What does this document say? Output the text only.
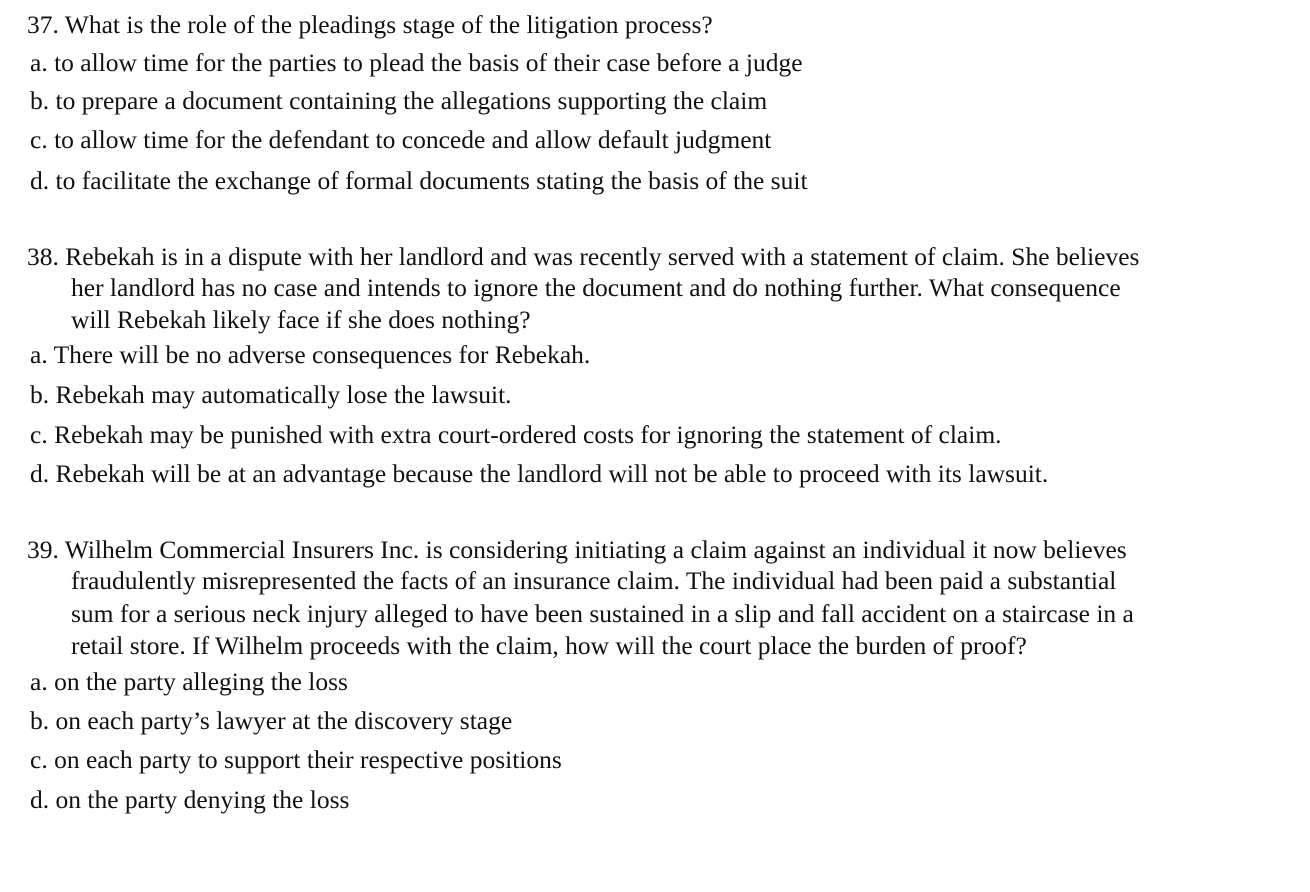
37. What is the role of the pleadings stage of the litigation process?
a. to allow time for the parties to plead the basis of their case before a judge
b. to prepare a document containing the allegations supporting the claim
c. to allow time for the defendant to concede and allow default judgment
d. to facilitate the exchange of formal documents stating the basis of the suit
38. Rebekah is in a dispute with her landlord and was recently served with a statement of claim. She believes
her landlord has no case and intends to ignore the document and do nothing further. What consequence
will Rebekah likely face if she does nothing?
a. There will be no adverse consequences for Rebekah.
b. Rebekah may automatically lose the lawsuit.
c. Rebekah may be punished with extra court-ordered costs for ignoring the statement of claim.
d. Rebekah will be at an advantage because the landlord will not be able to proceed with its lawsuit.
39. Wilhelm Commercial Insurers Inc. is considering initiating a claim against an individual it now believes
fraudulently misrepresented the facts of an insurance claim. The individual had been paid a substantial
sum for a serious neck injury alleged to have been sustained in a slip and fall accident on a staircase in a
retail store. If Wilhelm proceeds with the claim, how will the court place the burden of proof?
a. on the party alleging the loss
b. on each party’s lawyer at the discovery stage
c. on each party to support their respective positions
d. on the party denying the loss
